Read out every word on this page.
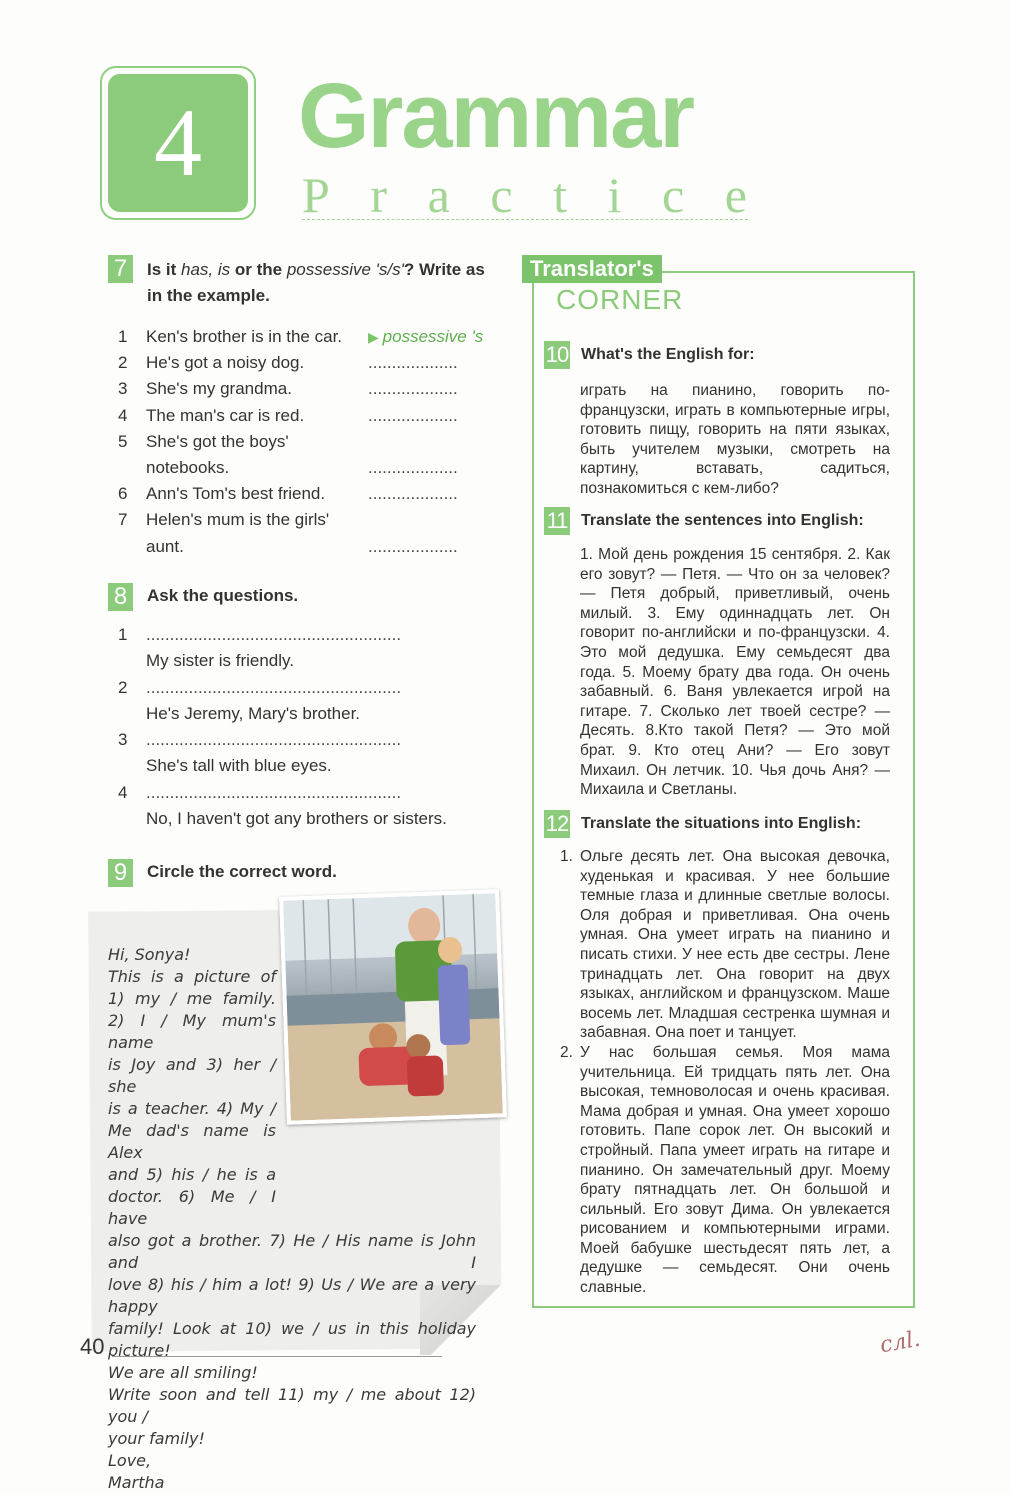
4 Grammar
P r a c t i c e
7	Is it has, is or the possessive 's/s'? Write as in the example.
1 Ken's brother is in the car. ▶ possessive 's
2 He's got a noisy dog.	...................
3 She's my grandma.	...................
4 The man's car is red.	...................
5 She's got the boys'
notebooks.	...................
6 Ann's Tom's best friend.	...................
7 Helen's mum is the girls'
aunt.	...................
8	Ask the questions.
1 ......................................................
My sister is friendly.
2 ......................................................
He's Jeremy, Mary's brother.
3 ......................................................
She's tall with blue eyes.
4 ......................................................
No, I haven't got any brothers or sisters.
9	Circle the correct word.
Hi, Sonya!
This is a picture of
1) my / me family.
2) I / My mum's name
is Joy and 3) her / she
is a teacher. 4) My /
Me dad's name is Alex
and 5) his / he is a
doctor. 6) Me / I have
also got a brother. 7) He / His name is John and I
love 8) his / him a lot! 9) Us / We are a very happy
family! Look at 10) we / us in this holiday picture!
We are all smiling!
Write soon and tell 11) my / me about 12) you /
your family!
Love,
Martha
Translator's
CORNER
10 What's the English for:
играть на пианино, говорить по-французски, играть в компьютерные игры, готовить пищу, говорить на пяти языках, быть учителем музыки, смотреть на картину, вставать, садиться, познакомиться с кем-либо?
11 Translate the sentences into English:
1. Мой день рождения 15 сентября. 2. Как его зовут? — Петя. — Что он за человек? — Петя добрый, приветливый, очень милый. 3. Ему одиннадцать лет. Он говорит по-английски и по-французски. 4. Это мой дедушка. Ему семьдесят два года. 5. Моему брату два года. Он очень забавный. 6. Ваня увлекается игрой на гитаре. 7. Сколько лет твоей сестре? — Десять. 8.Кто такой Петя? — Это мой брат. 9. Кто отец Ани? — Его зовут Михаил. Он летчик. 10. Чья дочь Аня? — Михаила и Светланы.
12 Translate the situations into English:
1. Ольге десять лет. Она высокая девочка, худенькая и красивая. У нее большие темные глаза и длинные светлые волосы. Оля добрая и приветливая. Она очень умная. Она умеет играть на пианино и писать стихи. У нее есть две сестры. Лене тринадцать лет. Она говорит на двух языках, английском и французском. Маше восемь лет. Младшая сестренка шумная и забавная. Она поет и танцует.
2. У нас большая семья. Моя мама учительница. Ей тридцать пять лет. Она высокая, темноволосая и очень красивая. Мама добрая и умная. Она умеет хорошо готовить. Папе сорок лет. Он высокий и стройный. Папа умеет играть на гитаре и пианино. Он замечательный друг. Моему брату пятнадцать лет. Он большой и сильный. Его зовут Дима. Он увлекается рисованием и компьютерными играми. Моей бабушке шестьдесят пять лет, а дедушке — семьдесят. Они очень славные.
40	cлl.
